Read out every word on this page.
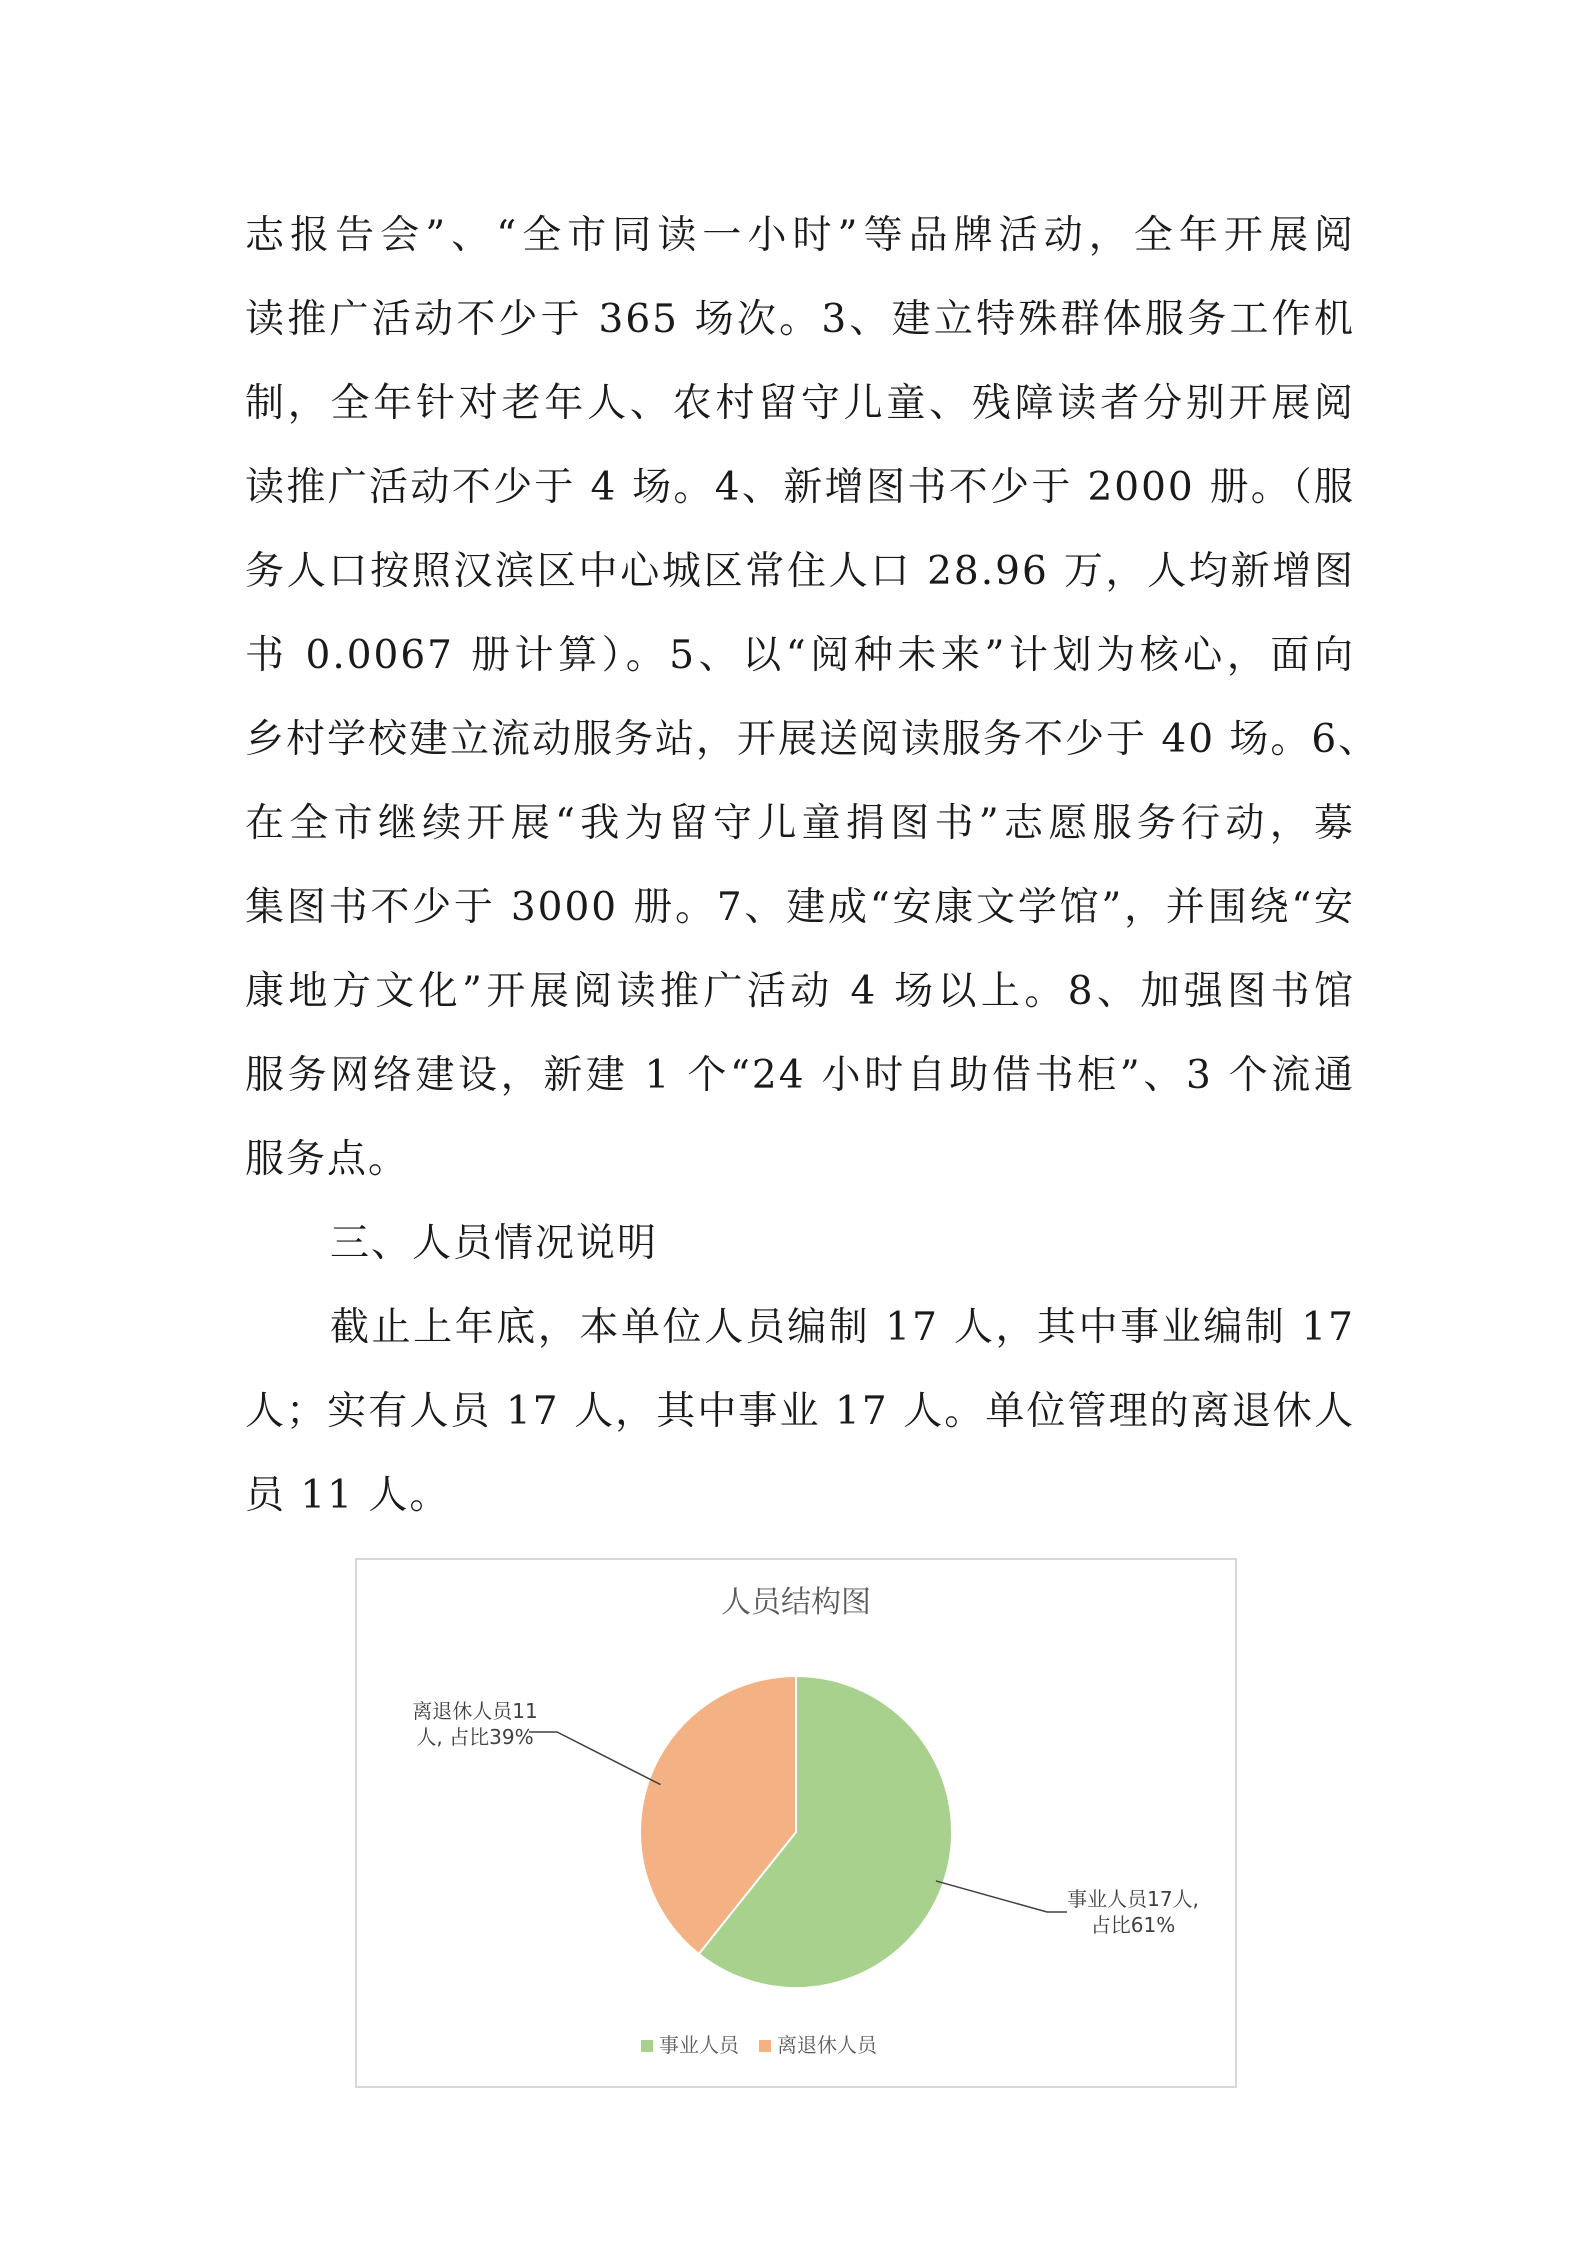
志报告会”、“全市同读一小时”等品牌活动，全年开展阅

读推广活动不少于 365 场次。3、建立特殊群体服务工作机

制，全年针对老年人、农村留守儿童、残障读者分别开展阅

读推广活动不少于 4 场。4、新增图书不少于 2000 册。（服

务人口按照汉滨区中心城区常住人口 28.96 万，人均新增图

书 0.0067 册计算）。5、以“阅种未来”计划为核心，面向

乡村学校建立流动服务站，开展送阅读服务不少于 40 场。6、

在全市继续开展“我为留守儿童捐图书”志愿服务行动，募

集图书不少于 3000 册。7、建成“安康文学馆”，并围绕“安

康地方文化”开展阅读推广活动 4 场以上。8、加强图书馆

服务网络建设，新建 1 个“24 小时自助借书柜”、3 个流通

服务点。

三、人员情况说明

截止上年底，本单位人员编制 17 人，其中事业编制 17

人；实有人员 17 人，其中事业 17 人。单位管理的离退休人

员 11 人。

人员结构图
离退休人员11
人, 占比39%
事业人员17人,
占比61%
事业人员 离退休人员
